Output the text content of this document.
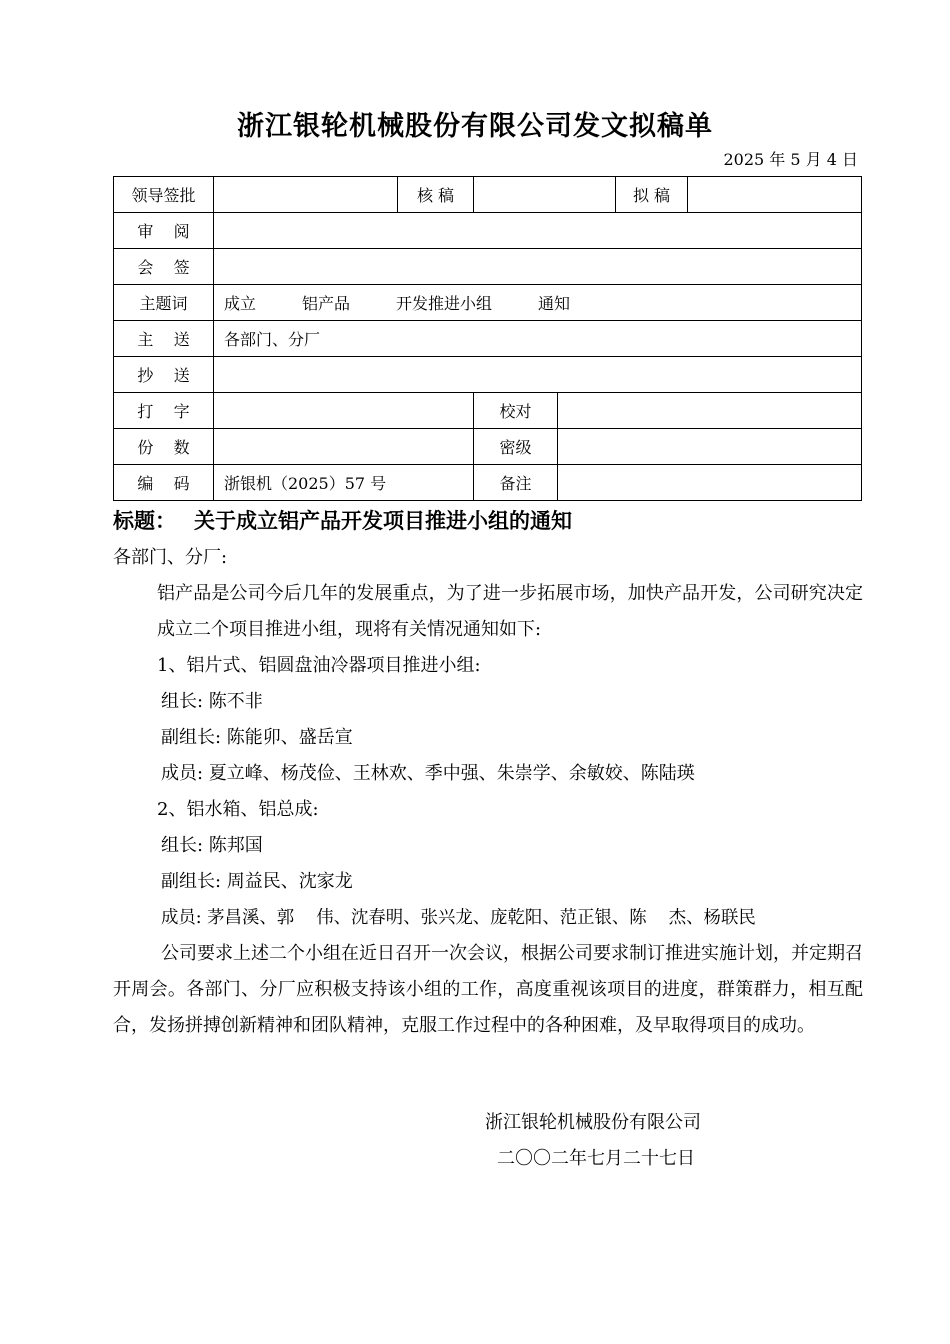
浙江银轮机械股份有限公司发文拟稿单
2025 年 5 月 4 日
领导签批		核 稿			拟 稿	
审    阅						
会    签						
主题词	成立 铝产品 开发推进小组 通知					
主    送	各部门、分厂					
抄    送						
打    字			校对			
份    数			密级			
编    码	浙银机（2025）57 号		备注			
标题： 关于成立铝产品开发项目推进小组的通知

各部门、分厂:

铝产品是公司今后几年的发展重点，为了进一步拓展市场，加快产品开发，公司研究决定成立二个项目推进小组，现将有关情况通知如下:

1、铝片式、铝圆盘油冷器项目推进小组:

组长: 陈不非

副组长: 陈能卯、盛岳宣

成员: 夏立峰、杨茂俭、王林欢、季中强、朱崇学、余敏姣、陈陆瑛

2、铝水箱、铝总成:

组长: 陈邦国

副组长: 周益民、沈家龙

成员: 茅昌溪、郭    伟、沈春明、张兴龙、庞乾阳、范正银、陈    杰、杨联民

公司要求上述二个小组在近日召开一次会议，根据公司要求制订推进实施计划，并定期召开周会。各部门、分厂应积极支持该小组的工作，高度重视该项目的进度，群策群力，相互配合，发扬拼搏创新精神和团队精神，克服工作过程中的各种困难，及早取得项目的成功。

浙江银轮机械股份有限公司
二〇〇二年七月二十七日
